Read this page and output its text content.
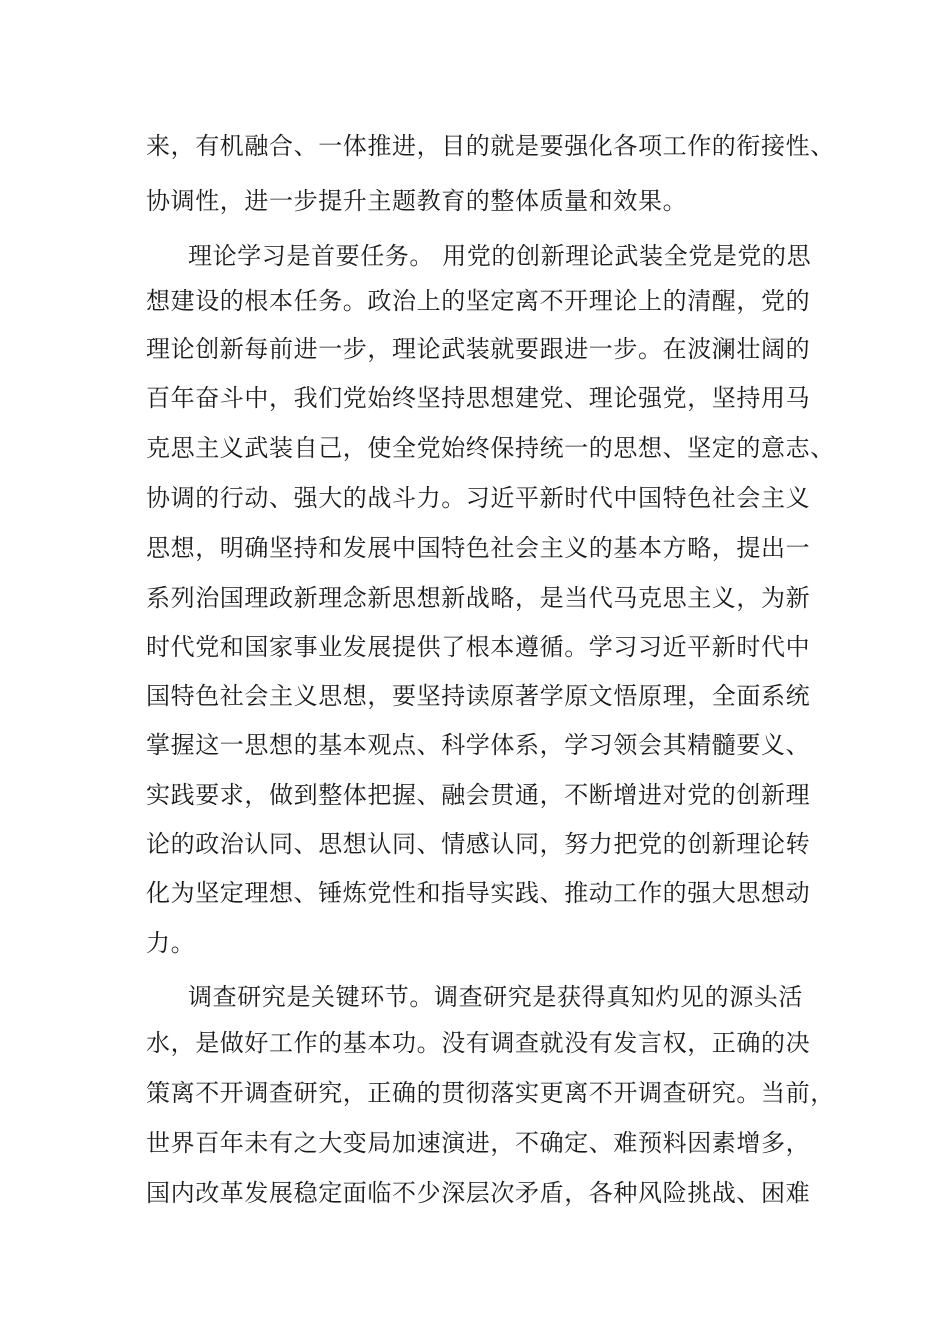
来，有机融合、一体推进，目的就是要强化各项工作的衔接性、
协调性，进一步提升主题教育的整体质量和效果。
理论学习是首要任务。 用党的创新理论武装全党是党的思
想建设的根本任务。政治上的坚定离不开理论上的清醒，党的
理论创新每前进一步，理论武装就要跟进一步。在波澜壮阔的
百年奋斗中，我们党始终坚持思想建党、理论强党，坚持用马
克思主义武装自己，使全党始终保持统一的思想、坚定的意志、
协调的行动、强大的战斗力。习近平新时代中国特色社会主义
思想，明确坚持和发展中国特色社会主义的基本方略，提出一
系列治国理政新理念新思想新战略，是当代马克思主义，为新
时代党和国家事业发展提供了根本遵循。学习习近平新时代中
国特色社会主义思想，要坚持读原著学原文悟原理，全面系统
掌握这一思想的基本观点、科学体系，学习领会其精髓要义、
实践要求，做到整体把握、融会贯通，不断增进对党的创新理
论的政治认同、思想认同、情感认同，努力把党的创新理论转
化为坚定理想、锤炼党性和指导实践、推动工作的强大思想动
力。
调查研究是关键环节。调查研究是获得真知灼见的源头活
水，是做好工作的基本功。没有调查就没有发言权，正确的决
策离不开调查研究，正确的贯彻落实更离不开调查研究。当前，
世界百年未有之大变局加速演进，不确定、难预料因素增多，
国内改革发展稳定面临不少深层次矛盾，各种风险挑战、困难
